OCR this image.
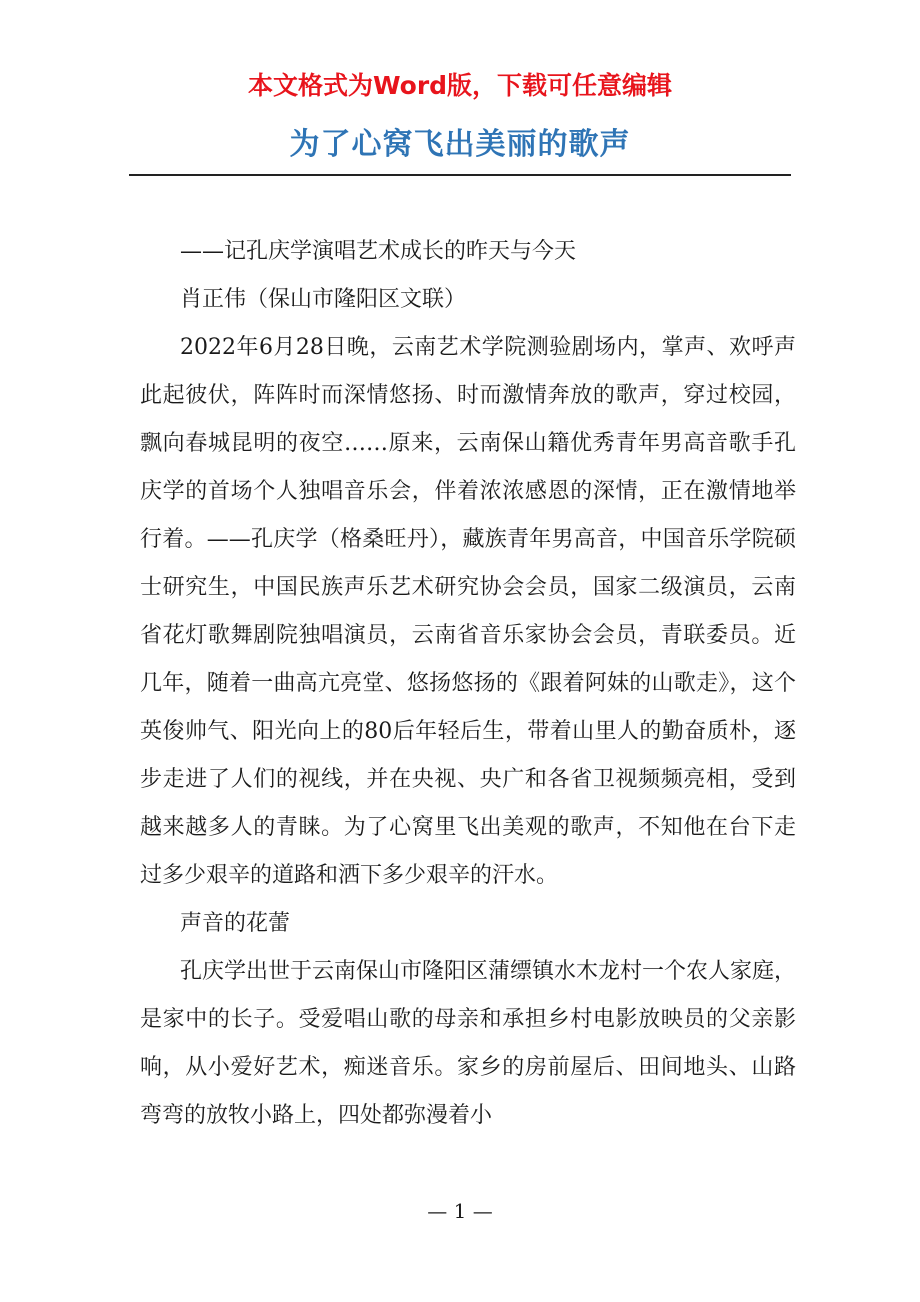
本文格式为Word版，下载可任意编辑
为了心窝飞出美丽的歌声

——记孔庆学演唱艺术成长的昨天与今天

肖正伟（保山市隆阳区文联）

2022年6月28日晚，云南艺术学院测验剧场内，掌声、欢呼声此起彼伏，阵阵时而深情悠扬、时而激情奔放的歌声，穿过校园，飘向春城昆明的夜空……原来，云南保山籍优秀青年男高音歌手孔庆学的首场个人独唱音乐会，伴着浓浓感恩的深情，正在激情地举行着。——孔庆学（格桑旺丹），藏族青年男高音，中国音乐学院硕士研究生，中国民族声乐艺术研究协会会员，国家二级演员，云南省花灯歌舞剧院独唱演员，云南省音乐家协会会员，青联委员。近几年，随着一曲高亢亮堂、悠扬悠扬的《跟着阿妹的山歌走》，这个英俊帅气、阳光向上的80后年轻后生，带着山里人的勤奋质朴，逐步走进了人们的视线，并在央视、央广和各省卫视频频亮相，受到越来越多人的青睐。为了心窝里飞出美观的歌声，不知他在台下走过多少艰辛的道路和洒下多少艰辛的汗水。

声音的花蕾

孔庆学出世于云南保山市隆阳区蒲缥镇水木龙村一个农人家庭，是家中的长子。受爱唱山歌的母亲和承担乡村电影放映员的父亲影响，从小爱好艺术，痴迷音乐。家乡的房前屋后、田间地头、山路弯弯的放牧小路上，四处都弥漫着小

— 1 —
